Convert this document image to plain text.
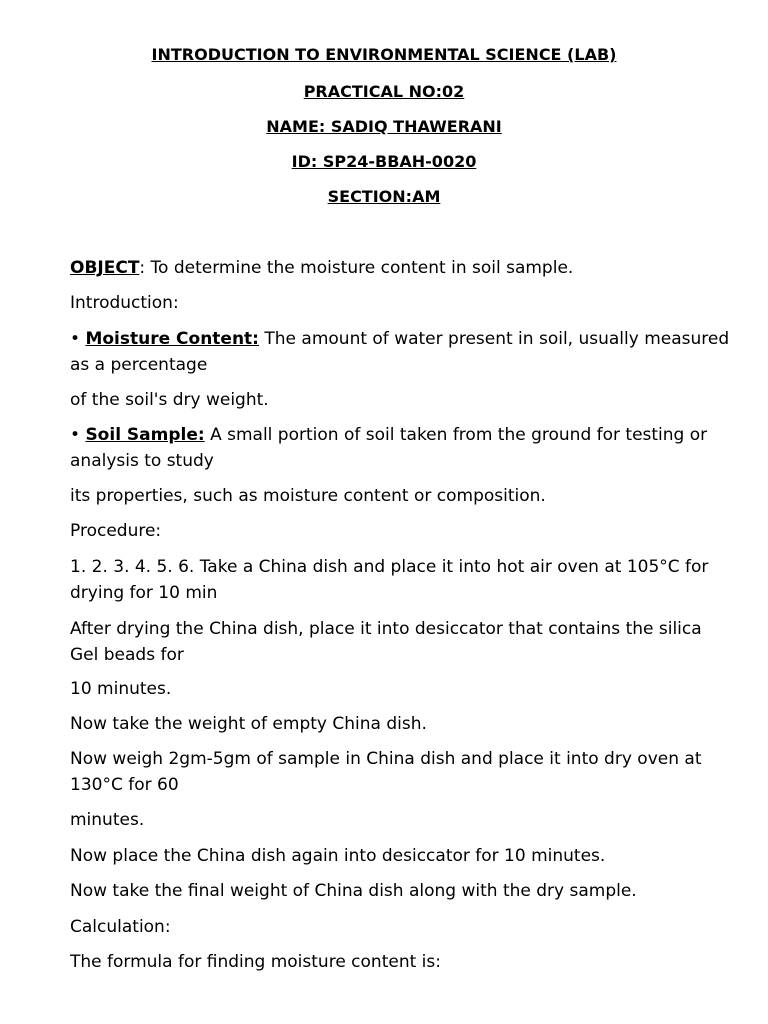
INTRODUCTION TO ENVIRONMENTAL SCIENCE (LAB)
PRACTICAL NO:02
NAME: SADIQ THAWERANI
ID: SP24-BBAH-0020
SECTION:AM
OBJECT: To determine the moisture content in soil sample.
Introduction:
• Moisture Content: The amount of water present in soil, usually measured as a percentage
of the soil's dry weight.
• Soil Sample: A small portion of soil taken from the ground for testing or analysis to study
its properties, such as moisture content or composition.
Procedure:
1. 2. 3. 4. 5. 6. Take a China dish and place it into hot air oven at 105°C for drying for 10 min
After drying the China dish, place it into desiccator that contains the silica Gel beads for
10 minutes.
Now take the weight of empty China dish.
Now weigh 2gm-5gm of sample in China dish and place it into dry oven at 130°C for 60
minutes.
Now place the China dish again into desiccator for 10 minutes.
Now take the final weight of China dish along with the dry sample.
Calculation:
The formula for finding moisture content is:
